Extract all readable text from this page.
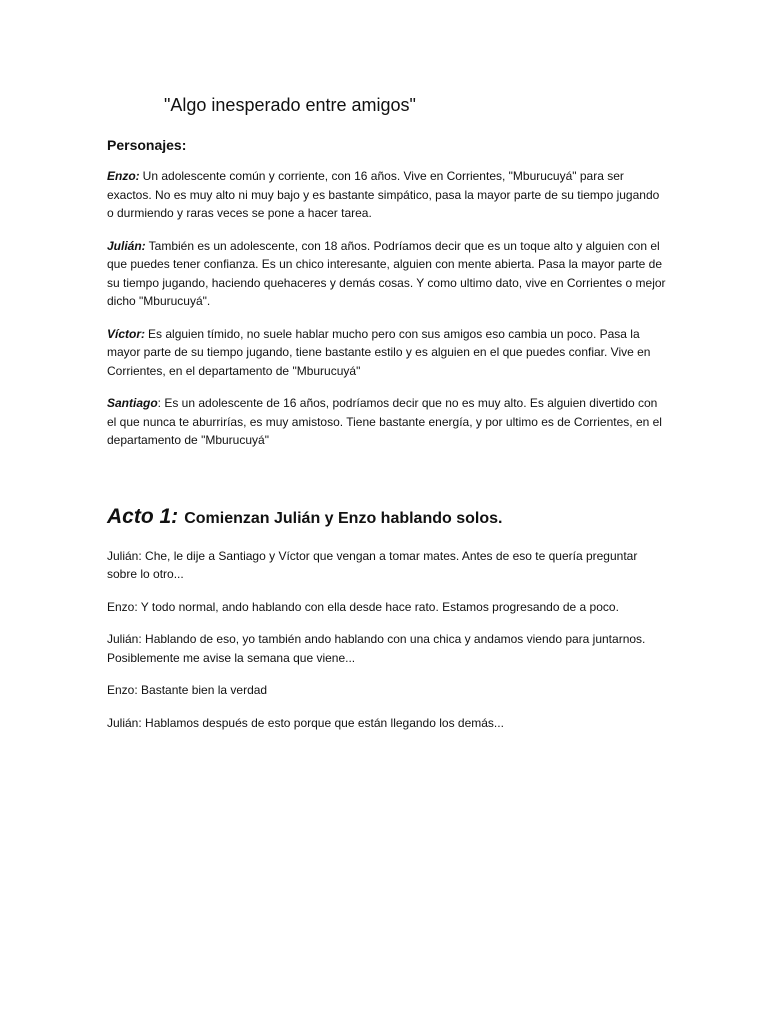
"Algo inesperado entre amigos"
Personajes:
Enzo: Un adolescente común y corriente, con 16 años. Vive en Corrientes, "Mburucuyá" para ser exactos. No es muy alto ni muy bajo y es bastante simpático, pasa la mayor parte de su tiempo jugando o durmiendo y raras veces se pone a hacer tarea.
Julián: También es un adolescente, con 18 años. Podríamos decir que es un toque alto y alguien con el que puedes tener confianza. Es un chico interesante, alguien con mente abierta. Pasa la mayor parte de su tiempo jugando, haciendo quehaceres y demás cosas. Y como ultimo dato, vive en Corrientes o mejor dicho "Mburucuyá".
Víctor: Es alguien tímido, no suele hablar mucho pero con sus amigos eso cambia un poco. Pasa la mayor parte de su tiempo jugando, tiene bastante estilo y es alguien en el que puedes confiar. Vive en Corrientes, en el departamento de "Mburucuyá"
Santiago: Es un adolescente de 16 años, podríamos decir que no es muy alto. Es alguien divertido con el que nunca te aburrirías, es muy amistoso. Tiene bastante energía, y por ultimo es de Corrientes, en el departamento de "Mburucuyá"
Acto 1: Comienzan Julián y Enzo hablando solos.
Julián: Che, le dije a Santiago y Víctor que vengan a tomar mates. Antes de eso te quería preguntar sobre lo otro...
Enzo: Y todo normal, ando hablando con ella desde hace rato. Estamos progresando de a poco.
Julián: Hablando de eso, yo también ando hablando con una chica y andamos viendo para juntarnos. Posiblemente me avise la semana que viene...
Enzo: Bastante bien la verdad
Julián: Hablamos después de esto porque que están llegando los demás...
